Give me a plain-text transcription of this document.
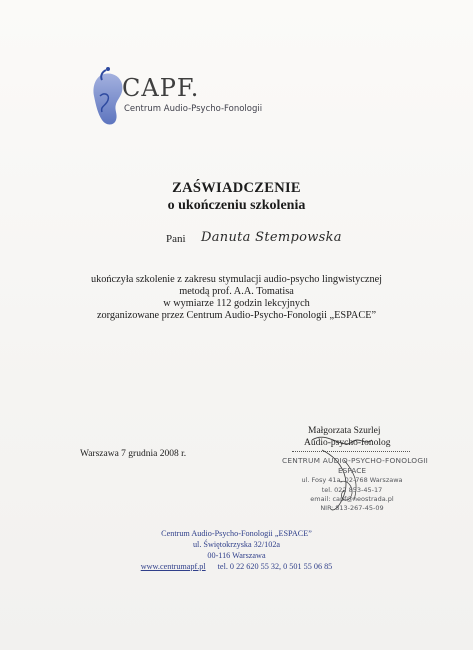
CAPF.
Centrum Audio-Psycho-Fonologii
ZAŚWIADCZENIE
o ukończeniu szkolenia
Pani Danuta Stempowska
ukończyła szkolenie z zakresu stymulacji audio-psycho lingwistycznej
metodą prof. A.A. Tomatisa
w wymiarze 112 godzin lekcyjnych
zorganizowane przez Centrum Audio-Psycho-Fonologii „ESPACE”
Małgorzata Szurlej
Audio-psycho-fonolog
Warszawa 7 grudnia 2008 r.
CENTRUM AUDIO-PSYCHO-FONOLOGII
ESPACE
ul. Fosy 41a, 02-768 Warszawa
tel. 022 853-45-17
email: capf@neostrada.pl
NIP: 813-267-45-09
Centrum Audio-Psycho-Fonologii „ESPACE”
ul. Świętokrzyska 32/102a
00-116 Warszawa
www.centrumapf.pl tel. 0 22 620 55 32, 0 501 55 06 85
